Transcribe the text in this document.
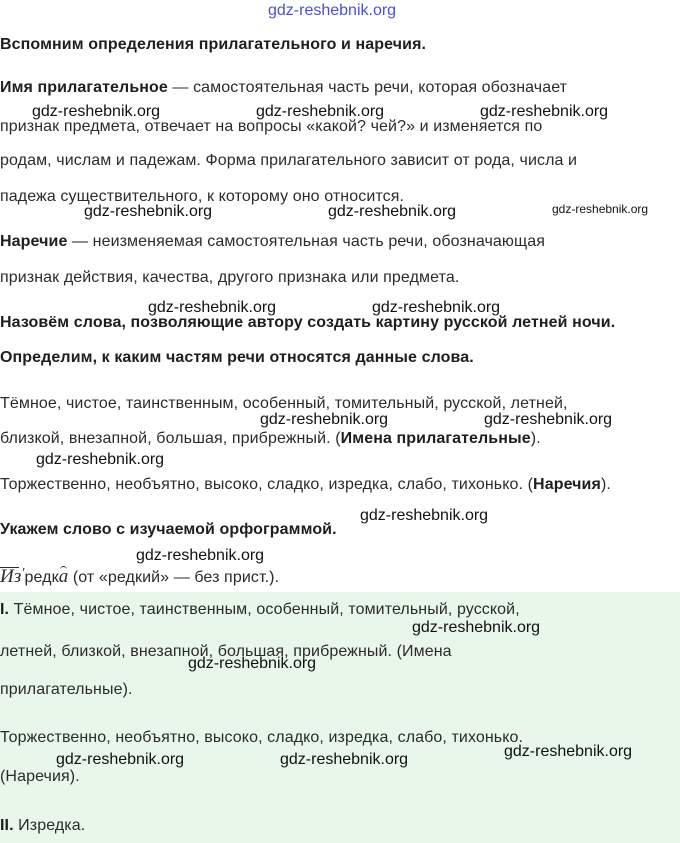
gdz-reshebnik.org
Вспомним определения прилагательного и наречия.
Имя прилагательное — самостоятельная часть речи, которая обозначает
признак предмета, отвечает на вопросы «какой? чей?» и изменяется по
родам, числам и падежам. Форма прилагательного зависит от рода, числа и
падежа существительного, к которому оно относится.
Наречие — неизменяемая самостоятельная часть речи, обозначающая
признак действия, качества, другого признака или предмета.
Назовём слова, позволяющие автору создать картину русской летней ночи.
Определим, к каким частям речи относятся данные слова.
Тёмное, чистое, таинственным, особенный, томительный, русской, летней,
близкой, внезапной, большая, прибрежный. (Имена прилагательные).
Торжественно, необъятно, высоко, сладко, изредка, слабо, тихонько. (Наречия).
Укажем слово с изучаемой орфограммой.
Из′редка (от «редкий» — без прист.).
I. Тёмное, чистое, таинственным, особенный, томительный, русской,
летней, близкой, внезапной, большая, прибрежный. (Имена
прилагательные).
Торжественно, необъятно, высоко, сладко, изредка, слабо, тихонько.
(Наречия).
II. Изредка.
gdz-reshebnik.org	gdz-reshebnik.org	gdz-reshebnik.org
gdz-reshebnik.org	gdz-reshebnik.org	gdz-reshebnik.org
gdz-reshebnik.org	gdz-reshebnik.org
gdz-reshebnik.org	gdz-reshebnik.org
gdz-reshebnik.org
gdz-reshebnik.org
gdz-reshebnik.org
gdz-reshebnik.org
gdz-reshebnik.org
gdz-reshebnik.org
gdz-reshebnik.org	gdz-reshebnik.org
